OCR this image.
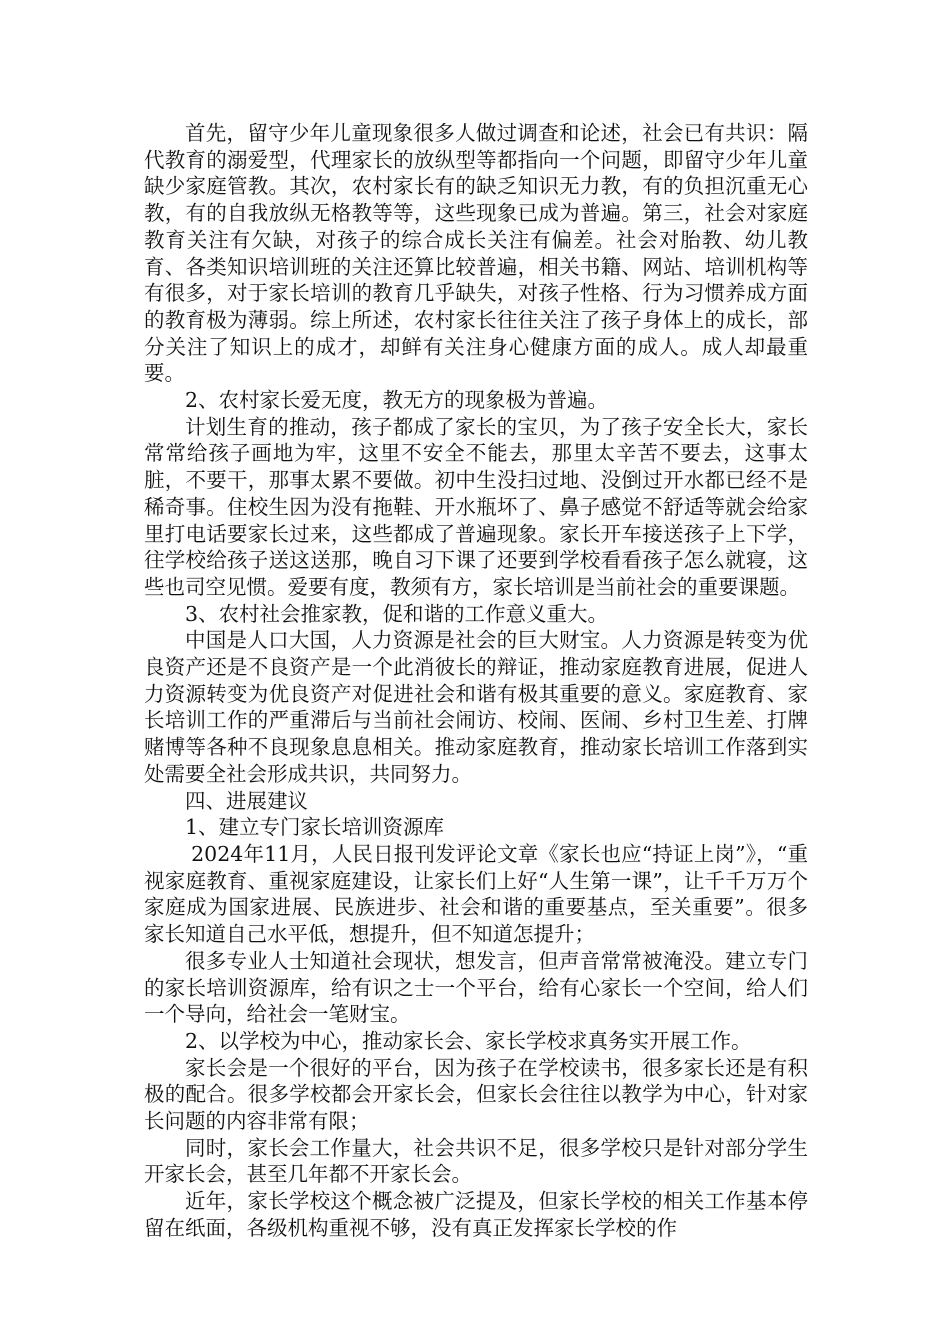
首先，留守少年儿童现象很多人做过调查和论述，社会已有共识：隔代教育的溺爱型，代理家长的放纵型等都指向一个问题，即留守少年儿童缺少家庭管教。其次，农村家长有的缺乏知识无力教，有的负担沉重无心教，有的自我放纵无格教等等，这些现象已成为普遍。第三，社会对家庭教育关注有欠缺，对孩子的综合成长关注有偏差。社会对胎教、幼儿教育、各类知识培训班的关注还算比较普遍，相关书籍、网站、培训机构等有很多，对于家长培训的教育几乎缺失，对孩子性格、行为习惯养成方面的教育极为薄弱。综上所述，农村家长往往关注了孩子身体上的成长，部分关注了知识上的成才，却鲜有关注身心健康方面的成人。成人却最重要。

2、农村家长爱无度，教无方的现象极为普遍。

计划生育的推动，孩子都成了家长的宝贝，为了孩子安全长大，家长常常给孩子画地为牢，这里不安全不能去，那里太辛苦不要去，这事太脏，不要干，那事太累不要做。初中生没扫过地、没倒过开水都已经不是稀奇事。住校生因为没有拖鞋、开水瓶坏了、鼻子感觉不舒适等就会给家里打电话要家长过来，这些都成了普遍现象。家长开车接送孩子上下学，往学校给孩子送这送那，晚自习下课了还要到学校看看孩子怎么就寝，这些也司空见惯。爱要有度，教须有方，家长培训是当前社会的重要课题。

3、农村社会推家教，促和谐的工作意义重大。

中国是人口大国，人力资源是社会的巨大财宝。人力资源是转变为优良资产还是不良资产是一个此消彼长的辩证，推动家庭教育进展，促进人力资源转变为优良资产对促进社会和谐有极其重要的意义。家庭教育、家长培训工作的严重滞后与当前社会闹访、校闹、医闹、乡村卫生差、打牌赌博等各种不良现象息息相关。推动家庭教育，推动家长培训工作落到实处需要全社会形成共识，共同努力。

四、进展建议

1、建立专门家长培训资源库

2024年11月，人民日报刊发评论文章《家长也应“持证上岗”》，“重视家庭教育、重视家庭建设，让家长们上好“人生第一课”，让千千万万个家庭成为国家进展、民族进步、社会和谐的重要基点，至关重要”。很多家长知道自己水平低，想提升，但不知道怎提升；

很多专业人士知道社会现状，想发言，但声音常常被淹没。建立专门的家长培训资源库，给有识之士一个平台，给有心家长一个空间，给人们一个导向，给社会一笔财宝。

2、以学校为中心，推动家长会、家长学校求真务实开展工作。

家长会是一个很好的平台，因为孩子在学校读书，很多家长还是有积极的配合。很多学校都会开家长会，但家长会往往以教学为中心，针对家长问题的内容非常有限；

同时，家长会工作量大，社会共识不足，很多学校只是针对部分学生开家长会，甚至几年都不开家长会。

近年，家长学校这个概念被广泛提及，但家长学校的相关工作基本停留在纸面，各级机构重视不够，没有真正发挥家长学校的作
